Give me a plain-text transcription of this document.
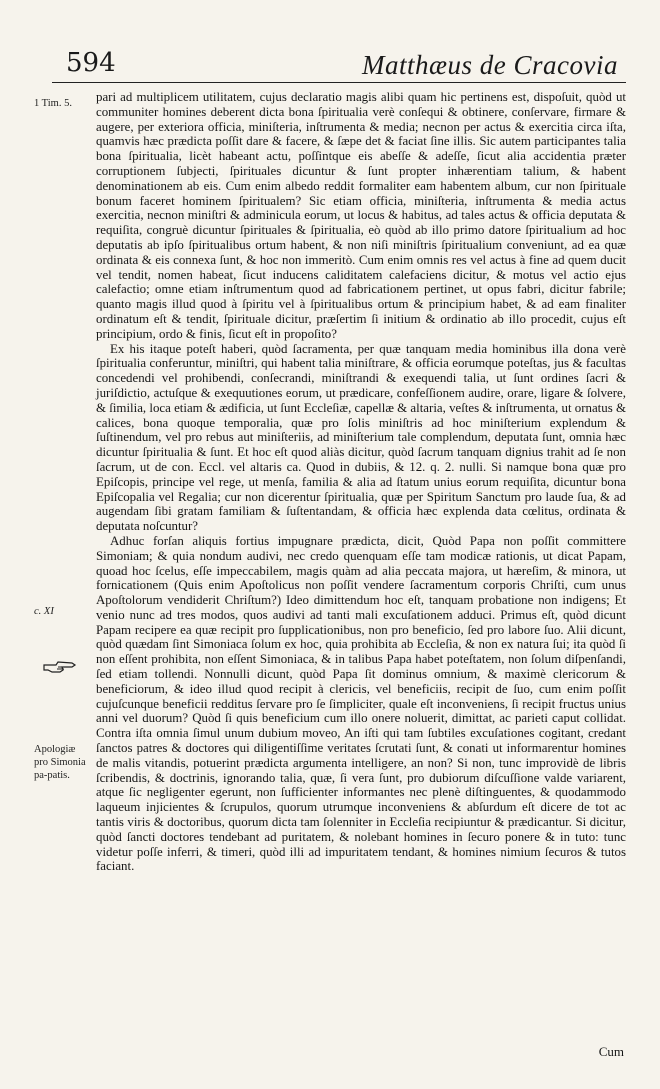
594	Matthæus de Cracovia
1 Tim. 5.
c. XI
Apologiæ pro Simonia pa-patis.

pari ad multiplicem utilitatem, cujus declaratio magis alibi quam hic pertinens est, dispoſuit, quòd ut communiter homines deberent dicta bona ſpiritualia verè conſequi & obtinere, conſervare, firmare & augere, per exteriora officia, miniſteria, inſtrumenta & media; necnon per actus & exercitia circa iſta, quamvis hæc prædicta poſſit dare & facere, & ſæpe det & faciat ſine illis. Sic autem participantes talia bona ſpiritualia, licèt habeant actu, poſſintque eis abeſſe & adeſſe, ſicut alia accidentia præter corruptionem ſubjecti, ſpirituales dicuntur & ſunt propter inhærentiam talium, & habent denominationem ab eis. Cum enim albedo reddit formaliter eam habentem album, cur non ſpirituale bonum faceret hominem ſpiritualem? Sic etiam officia, miniſteria, inſtrumenta & media actus exercitia, necnon miniſtri & adminicula eorum, ut locus & habitus, ad tales actus & officia deputata & requiſita, congruè dicuntur ſpirituales & ſpiritualia, eò quòd ab illo primo datore ſpiritualium ad hoc deputatis ab ipſo ſpiritualibus ortum habent, & non niſi miniſtris ſpiritualium conveniunt, ad ea quæ ordinata & eis connexa ſunt, & hoc non immeritò. Cum enim omnis res vel actus à fine ad quem ducit vel tendit, nomen habeat, ſicut inducens caliditatem calefaciens dicitur, & motus vel actio ejus calefactio; omne etiam inſtrumentum quod ad fabricationem pertinet, ut opus fabri, dicitur fabrile; quanto magis illud quod à ſpiritu vel à ſpiritualibus ortum & principium habet, & ad eam finaliter ordinatum eſt & tendit, ſpirituale dicitur, præſertim ſi initium & ordinatio ab illo procedit, cujus eſt principium, ordo & finis, ſicut eſt in propoſito?

Ex his itaque poteſt haberi, quòd ſacramenta, per quæ tanquam media hominibus illa dona verè ſpiritualia conferuntur, miniſtri, qui habent talia miniſtrare, & officia eorumque poteſtas, jus & facultas concedendi vel prohibendi, conſecrandi, miniſtrandi & exequendi talia, ut ſunt ordines ſacri & juriſdictio, actuſque & exequutiones eorum, ut prædicare, confeſſionem audire, orare, ligare & ſolvere, & ſimilia, loca etiam & ædificia, ut ſunt Eccleſiæ, capellæ & altaria, veſtes & inſtrumenta, ut ornatus & calices, bona quoque temporalia, quæ pro ſolis miniſtris ad hoc miniſterium explendum & ſuſtinendum, vel pro rebus aut miniſteriis, ad miniſterium tale complendum, deputata ſunt, omnia hæc dicuntur ſpiritualia & ſunt. Et hoc eſt quod aliàs dicitur, quòd ſacrum tanquam dignius trahit ad ſe non ſacrum, ut de con. Eccl. vel altaris ca. Quod in dubiis, & 12. q. 2. nulli. Si namque bona quæ pro Epiſcopis, principe vel rege, ut menſa, familia & alia ad ſtatum unius eorum requiſita, dicuntur bona Epiſcopalia vel Regalia; cur non dicerentur ſpiritualia, quæ per Spiritum Sanctum pro laude ſua, & ad augendam ſibi gratam familiam & ſuſtentandam, & officia hæc explenda data cœlitus, ordinata & deputata noſcuntur?

Adhuc forſan aliquis fortius impugnare prædicta, dicit, Quòd Papa non poſſit committere Simoniam; & quia nondum audivi, nec credo quenquam eſſe tam modicæ rationis, ut dicat Papam, quoad hoc ſcelus, eſſe impeccabilem, magis quàm ad alia peccata majora, ut hæreſim, & minora, ut fornicationem (Quis enim Apoſtolicus non poſſit vendere ſacramentum corporis Chriſti, cum unus Apoſtolorum vendiderit Chriſtum?) Ideo dimittendum hoc eſt, tanquam probatione non indigens; Et venio nunc ad tres modos, quos audivi ad tanti mali excuſationem adduci. Primus eſt, quòd dicunt Papam recipere ea quæ recipit pro ſupplicationibus, non pro beneficio, ſed pro labore ſuo. Alii dicunt, quòd quædam ſint Simoniaca ſolum ex hoc, quia prohibita ab Eccleſia, & non ex natura ſui; ita quòd ſi non eſſent prohibita, non eſſent Simoniaca, & in talibus Papa habet poteſtatem, non ſolum diſpenſandi, ſed etiam tollendi. Nonnulli dicunt, quòd Papa ſit dominus omnium, & maximè clericorum & beneficiorum, & ideo illud quod recipit à clericis, vel beneficiis, recipit de ſuo, cum enim poſſit cujuſcunque beneficii redditus ſervare pro ſe ſimpliciter, quale eſt inconveniens, ſi recipit fructus unius anni vel duorum? Quòd ſi quis beneficium cum illo onere noluerit, dimittat, ac parieti caput collidat. Contra iſta omnia ſimul unum dubium moveo, An iſti qui tam ſubtiles excuſationes cogitant, credant ſanctos patres & doctores qui diligentiſſime veritates ſcrutati ſunt, & conati ut informarentur homines de malis vitandis, potuerint prædicta argumenta intelligere, an non? Si non, tunc improvidè de libris ſcribendis, & doctrinis, ignorando talia, quæ, ſi vera ſunt, pro dubiorum diſcuſſione valde variarent, atque ſic negligenter egerunt, non ſufficienter informantes nec plenè diſtinguentes, & quodammodo laqueum injicientes & ſcrupulos, quorum utrumque inconveniens & abſurdum eſt dicere de tot ac tantis viris & doctoribus, quorum dicta tam ſolenniter in Eccleſia recipiuntur & prædicantur. Si dicitur, quòd ſancti doctores tendebant ad puritatem, & nolebant homines in ſecuro ponere & in tuto: tunc videtur poſſe inferri, & timeri, quòd illi ad impuritatem tendant, & homines nimium ſecuros & tutos faciant.

Cum
